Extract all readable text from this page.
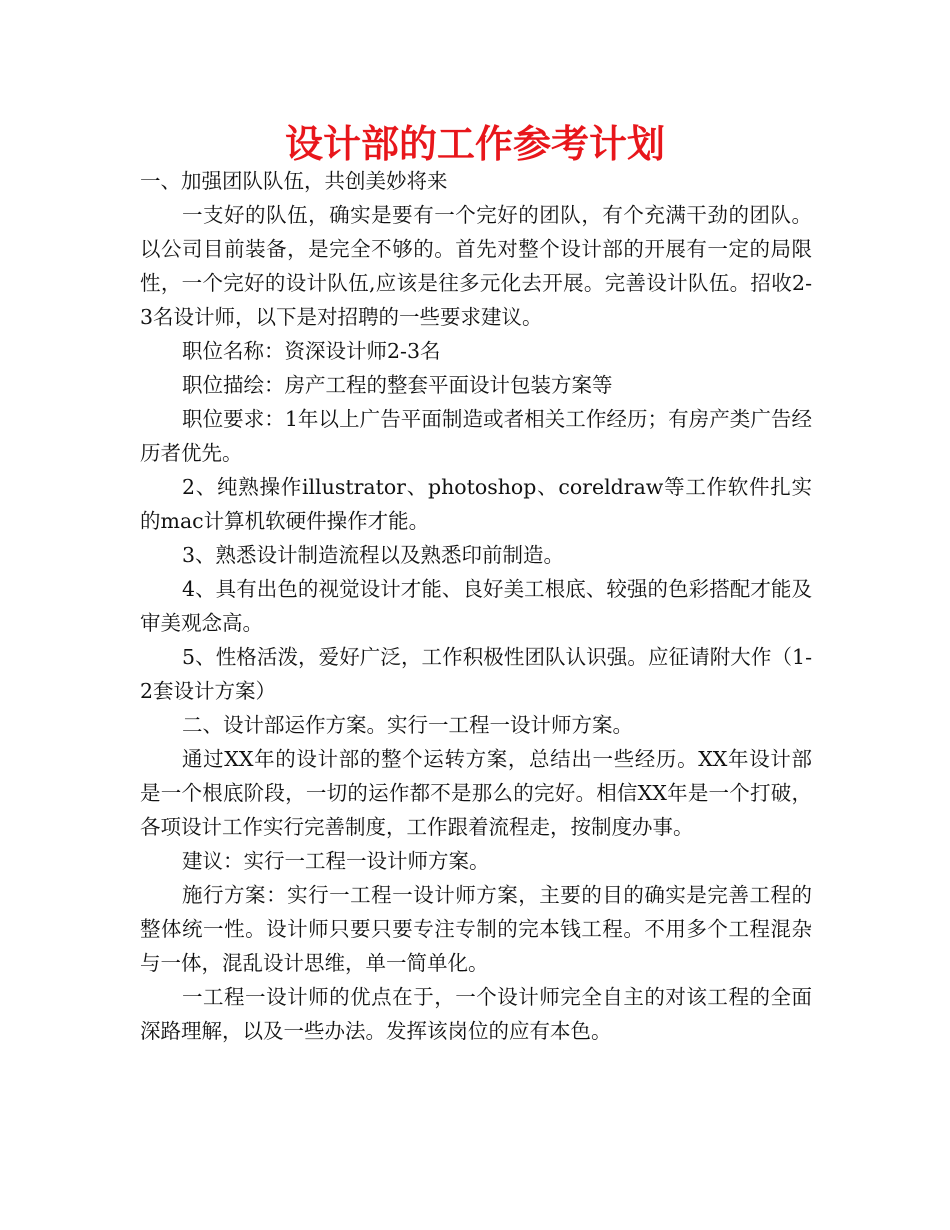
设计部的工作参考计划

一、加强团队队伍，共创美妙将来

一支好的队伍，确实是要有一个完好的团队，有个充满干劲的团队。以公司目前装备，是完全不够的。首先对整个设计部的开展有一定的局限性，一个完好的设计队伍,应该是往多元化去开展。完善设计队伍。招收2-3名设计师，以下是对招聘的一些要求建议。

职位名称：资深设计师2-3名

职位描绘：房产工程的整套平面设计包装方案等

职位要求：1年以上广告平面制造或者相关工作经历；有房产类广告经历者优先。

2、纯熟操作illustrator、photoshop、coreldraw等工作软件扎实的mac计算机软硬件操作才能。

3、熟悉设计制造流程以及熟悉印前制造。

4、具有出色的视觉设计才能、良好美工根底、较强的色彩搭配才能及审美观念高。

5、性格活泼，爱好广泛，工作积极性团队认识强。应征请附大作（1-2套设计方案）

二、设计部运作方案。实行一工程一设计师方案。

通过XX年的设计部的整个运转方案，总结出一些经历。XX年设计部是一个根底阶段，一切的运作都不是那么的完好。相信XX年是一个打破，各项设计工作实行完善制度，工作跟着流程走，按制度办事。

建议：实行一工程一设计师方案。

施行方案：实行一工程一设计师方案，主要的目的确实是完善工程的整体统一性。设计师只要只要专注专制的完本钱工程。不用多个工程混杂与一体，混乱设计思维，单一简单化。

一工程一设计师的优点在于，一个设计师完全自主的对该工程的全面深路理解，以及一些办法。发挥该岗位的应有本色。
